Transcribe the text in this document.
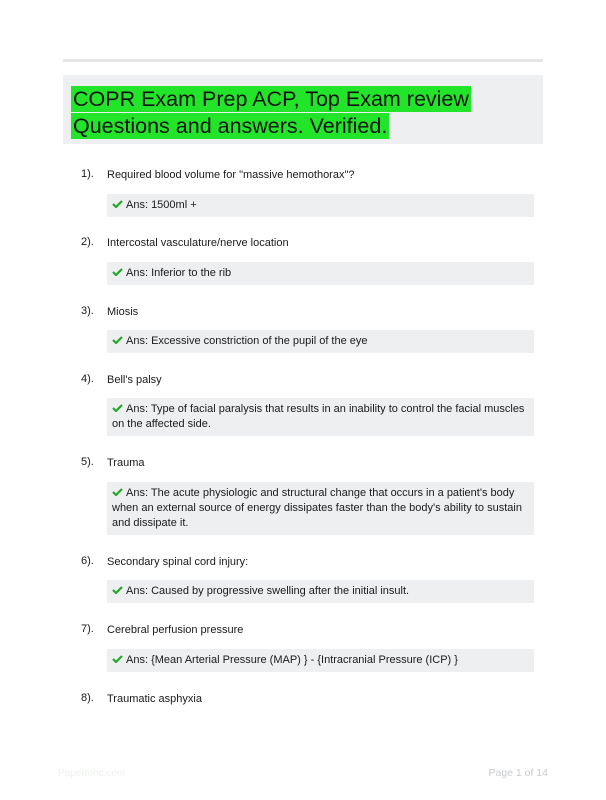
COPR Exam Prep ACP, Top Exam review
Questions and answers. Verified.
1). Required blood volume for "massive hemothorax"?
Ans: 1500ml +
2). Intercostal vasculature/nerve location
Ans: Inferior to the rib
3). Miosis
Ans: Excessive constriction of the pupil of the eye
4). Bell's palsy
Ans: Type of facial paralysis that results in an inability to control the facial muscles on the affected side.
5). Trauma
Ans: The acute physiologic and structural change that occurs in a patient's body when an external source of energy dissipates faster than the body's ability to sustain and dissipate it.
6). Secondary spinal cord injury:
Ans: Caused by progressive swelling after the initial insult.
7). Cerebral perfusion pressure
Ans: {Mean Arterial Pressure (MAP) } - {Intracranial Pressure (ICP) }
8). Traumatic asphyxia
Papertohc.com	Page 1 of 14
